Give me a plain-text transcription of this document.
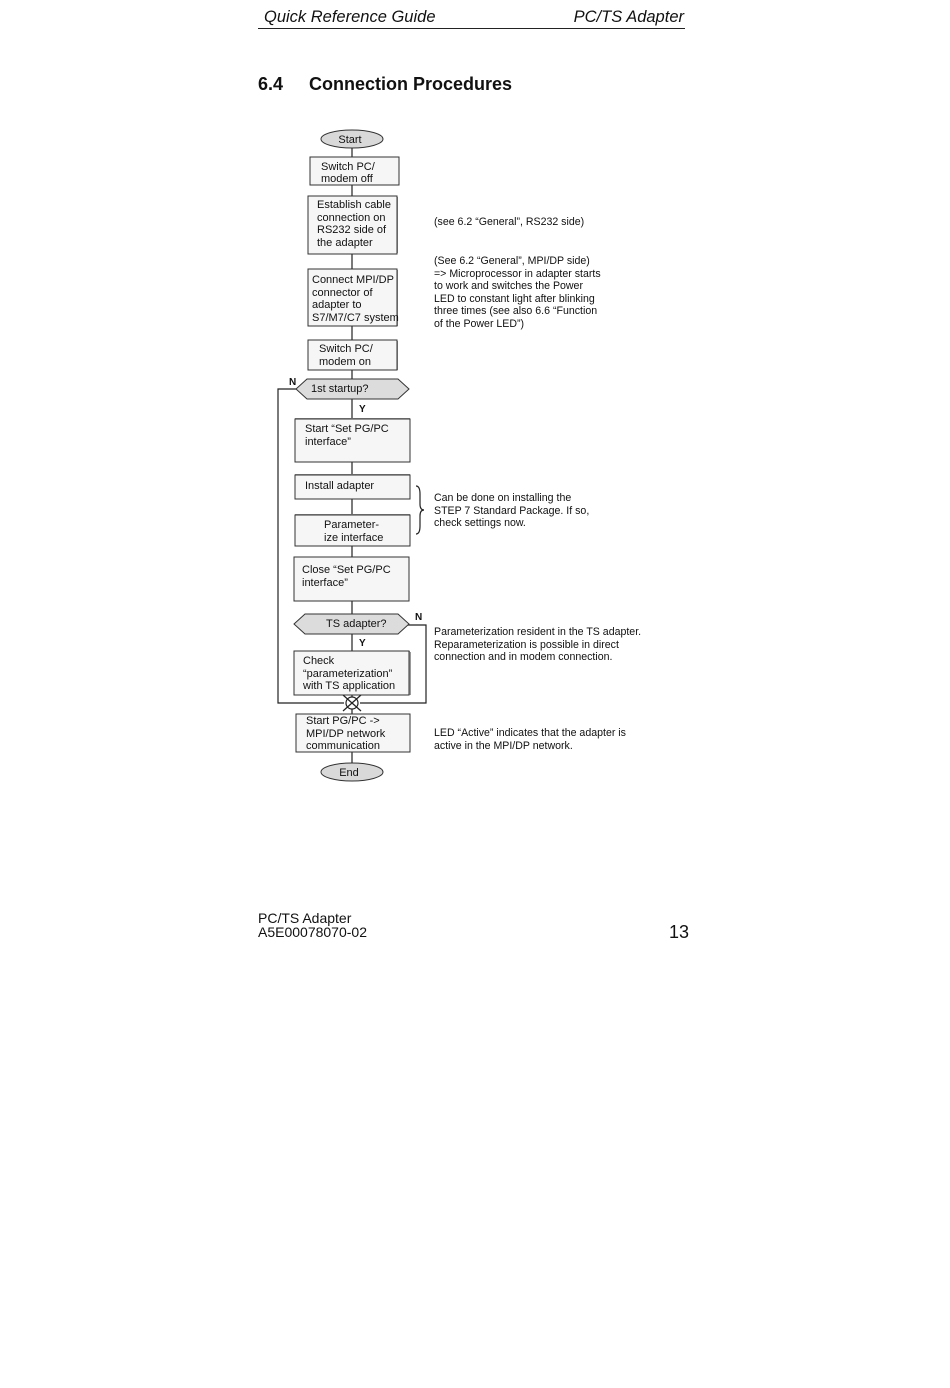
Quick Reference Guide	PC/TS Adapter
6.4 Connection Procedures
Start
Switch PC/
modem off
Establish cable
connection on
RS232 side of
the adapter
Connect MPI/DP
connector of
adapter to
S7/M7/C7 system
Switch PC/
modem on
1st startup?
N
Y
Start “Set PG/PC
interface”
Install adapter
Parameter-
ize interface
Close “Set PG/PC
interface”
TS adapter?
N
Y
Check
“parameterization”
with TS application
Start PG/PC ->
MPI/DP network
communication
End
(see 6.2 “General”, RS232 side)
(See 6.2 “General”, MPI/DP side)
=> Microprocessor in adapter starts
to work and switches the Power
LED to constant light after blinking
three times (see also 6.6 “Function
of the Power LED”)
Can be done on installing the
STEP 7 Standard Package. If so,
check settings now.
Parameterization resident in the TS adapter.
Reparameterization is possible in direct
connection and in modem connection.
LED “Active” indicates that the adapter is
active in the MPI/DP network.
PC/TS Adapter
A5E00078070-02	13
